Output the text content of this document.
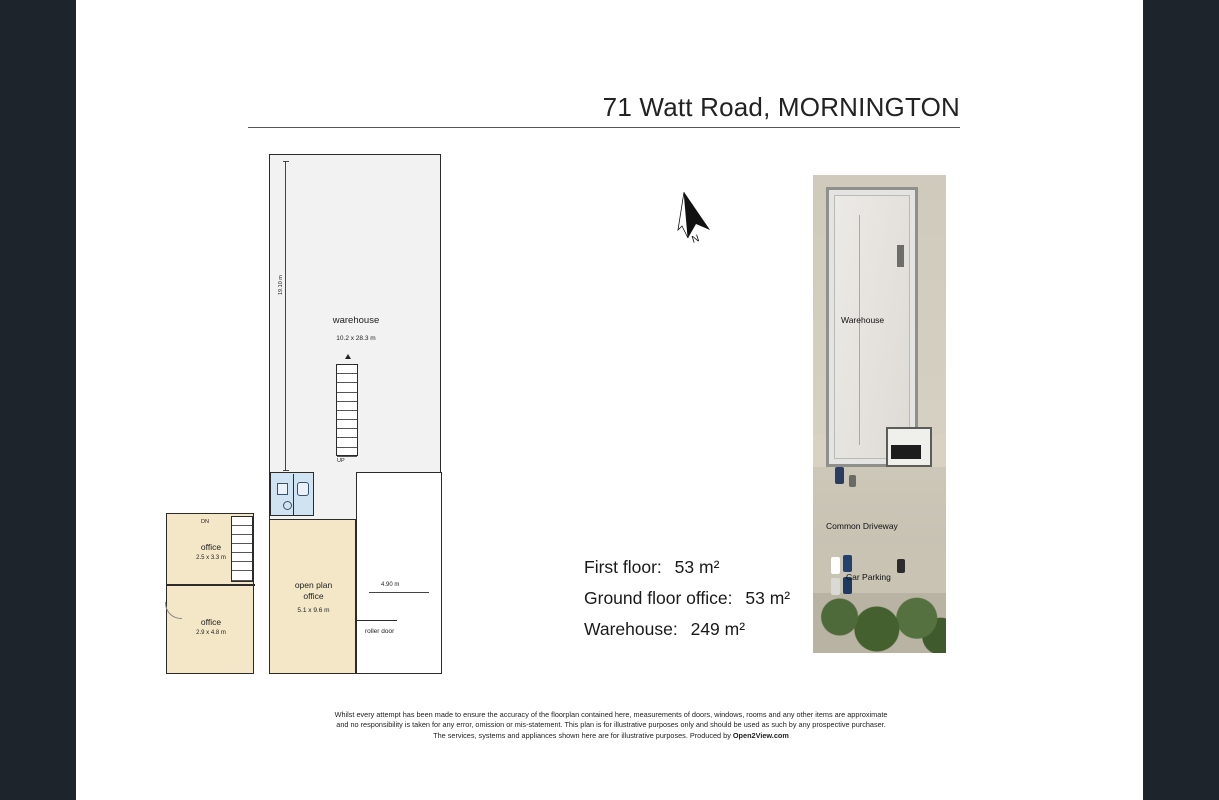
71 Watt Road, MORNINGTON
19.10 m
warehouse
10.2 x 28.3 m
UP
open plan
office
5.1 x 9.6 m
DN
office
2.5 x 3.3 m
office
2.9 x 4.8 m
4.90 m
roller door
N
First floor: 53 m²
Ground floor office: 53 m²
Warehouse: 249 m²
Warehouse
Common Driveway
Car Parking
Whilst every attempt has been made to ensure the accuracy of the floorplan contained here, measurements of doors, windows, rooms and any other items are approximate
and no responsibility is taken for any error, omission or mis-statement. This plan is for illustrative purposes only and should be used as such by any prospective purchaser.
The services, systems and appliances shown here are for illustrative purposes. Produced by Open2View.com
